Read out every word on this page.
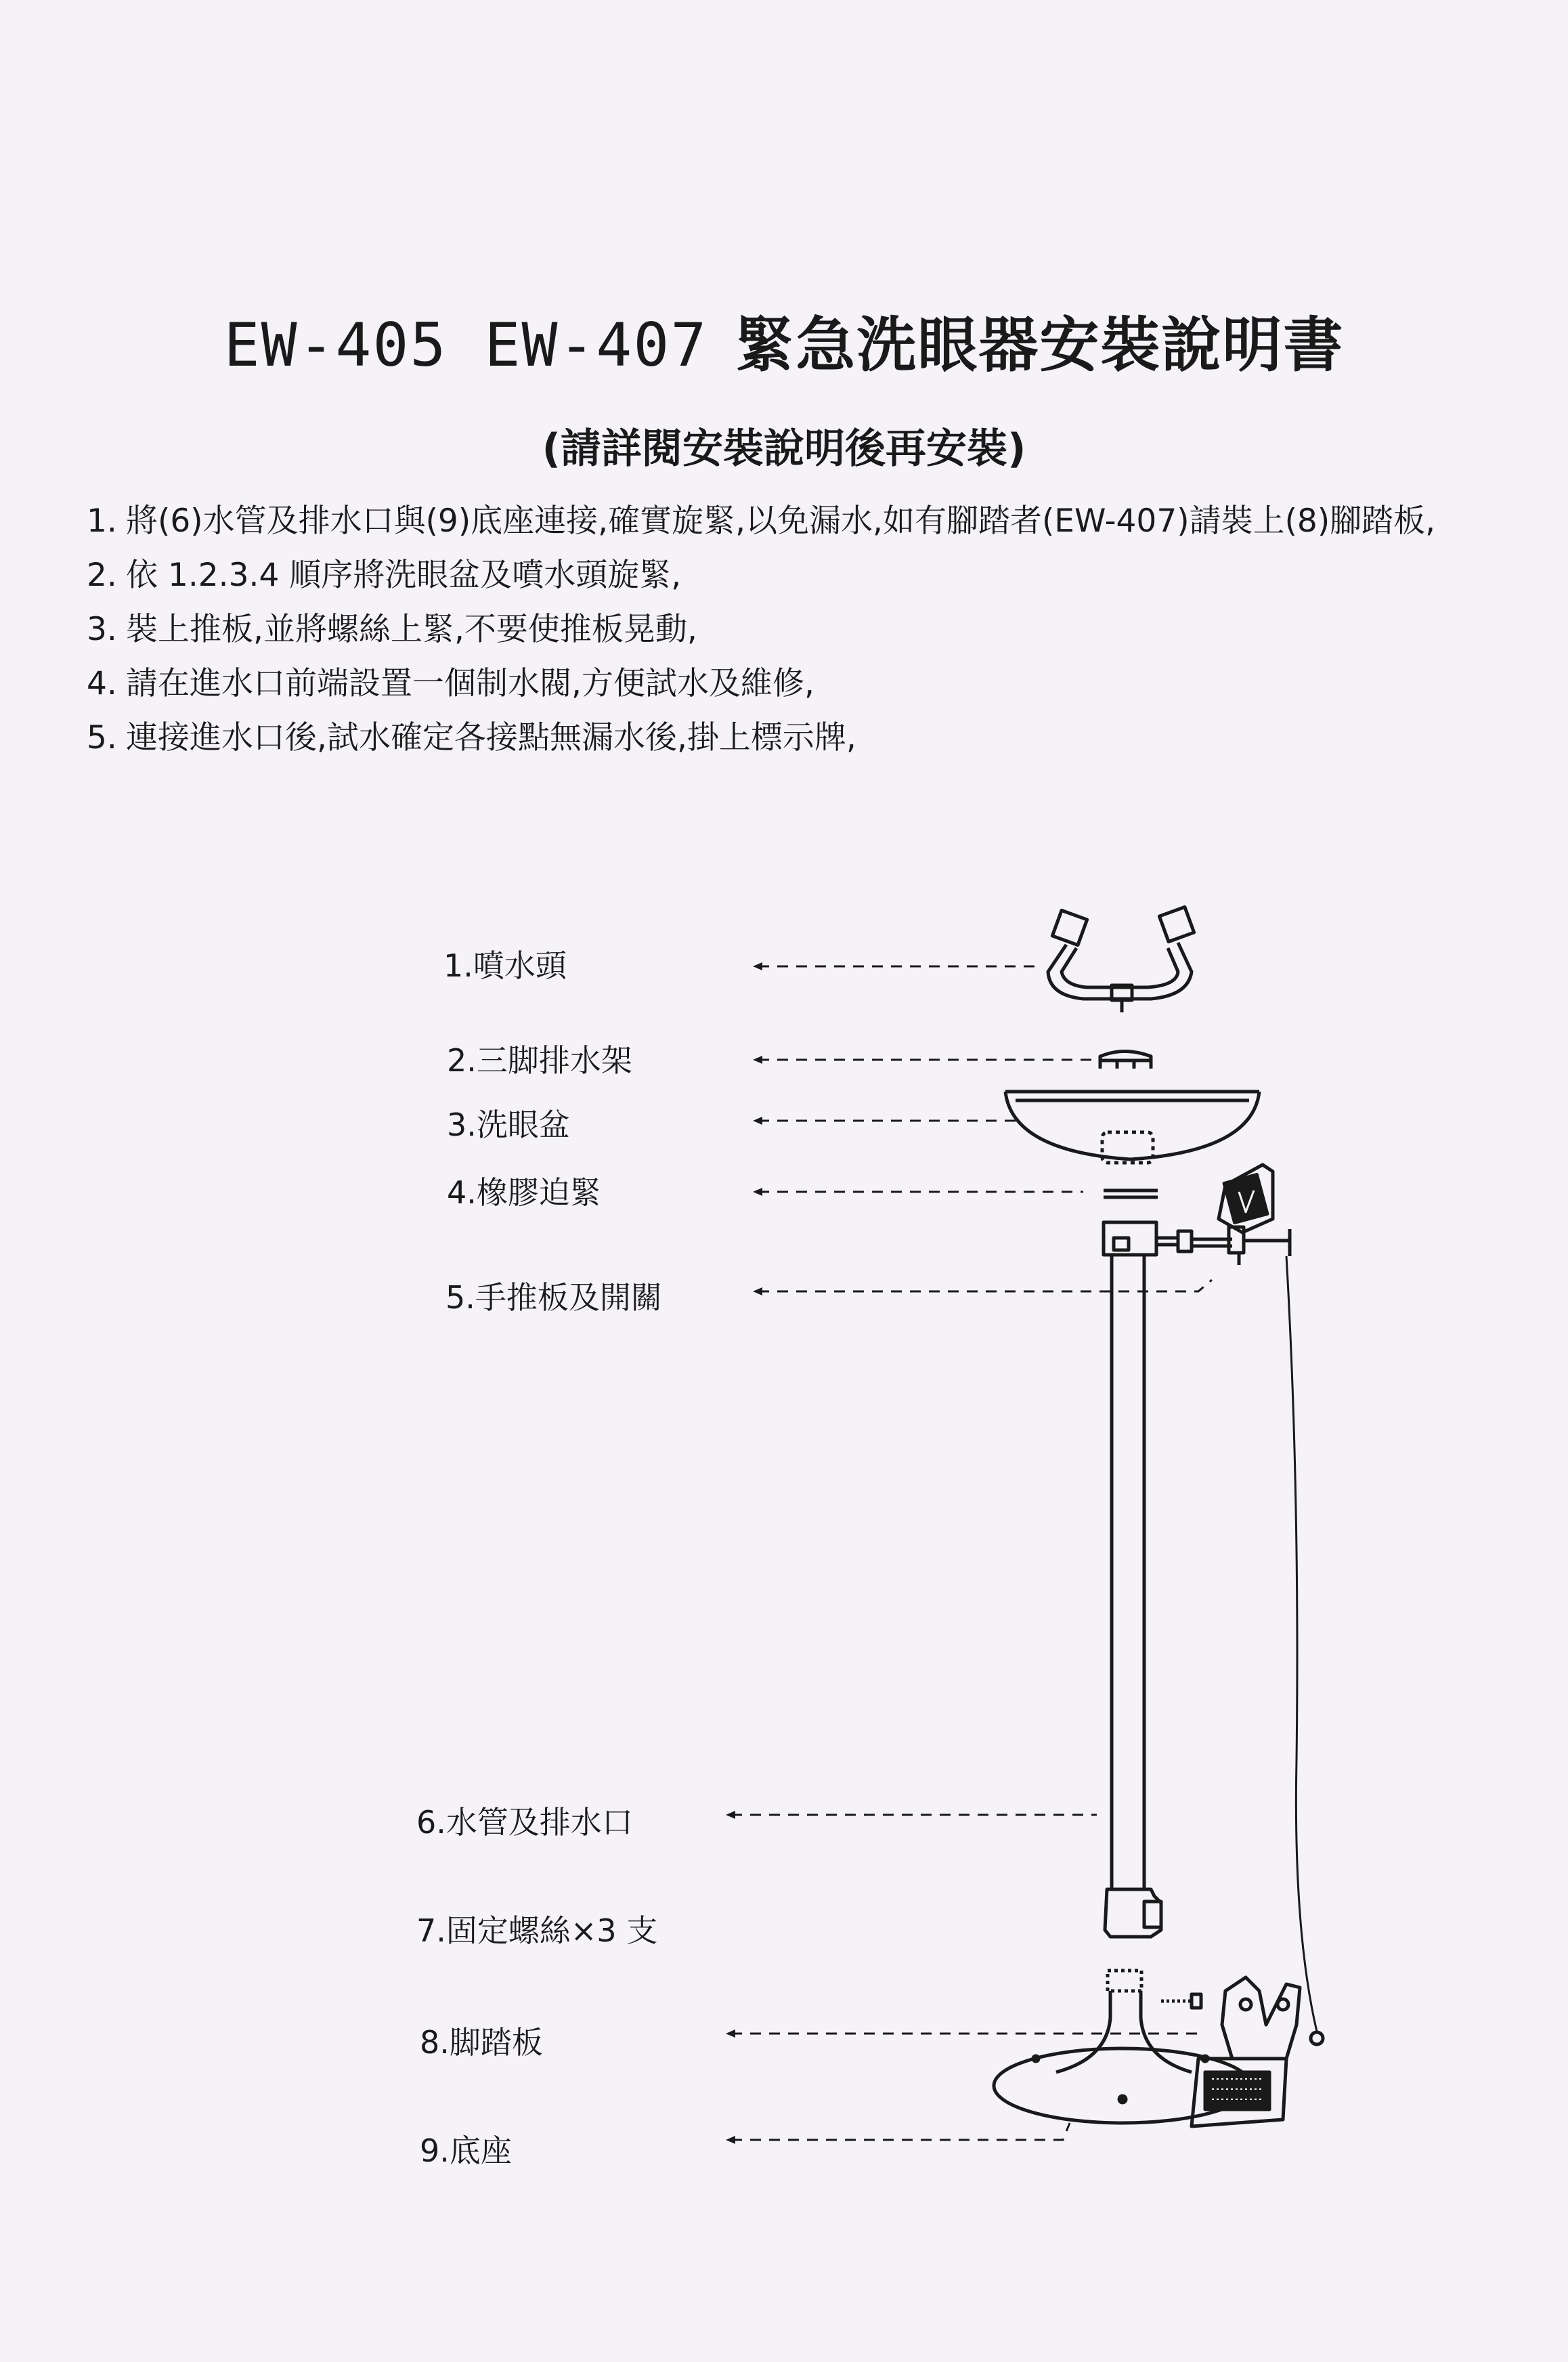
EW-405 EW-407 緊急洗眼器安裝說明書
(請詳閱安裝說明後再安裝)
1. 將(6)水管及排水口與(9)底座連接,確實旋緊,以免漏水,如有腳踏者(EW-407)請裝上(8)腳踏板,
2. 依 1.2.3.4 順序將洗眼盆及噴水頭旋緊,
3. 裝上推板,並將螺絲上緊,不要使推板晃動,
4. 請在進水口前端設置一個制水閥,方便試水及維修,
5. 連接進水口後,試水確定各接點無漏水後,掛上標示牌,
1.噴水頭
2.三脚排水架
3.洗眼盆
4.橡膠迫緊
5.手推板及開關
6.水管及排水口
7.固定螺絲×3 支
8.脚踏板
9.底座
